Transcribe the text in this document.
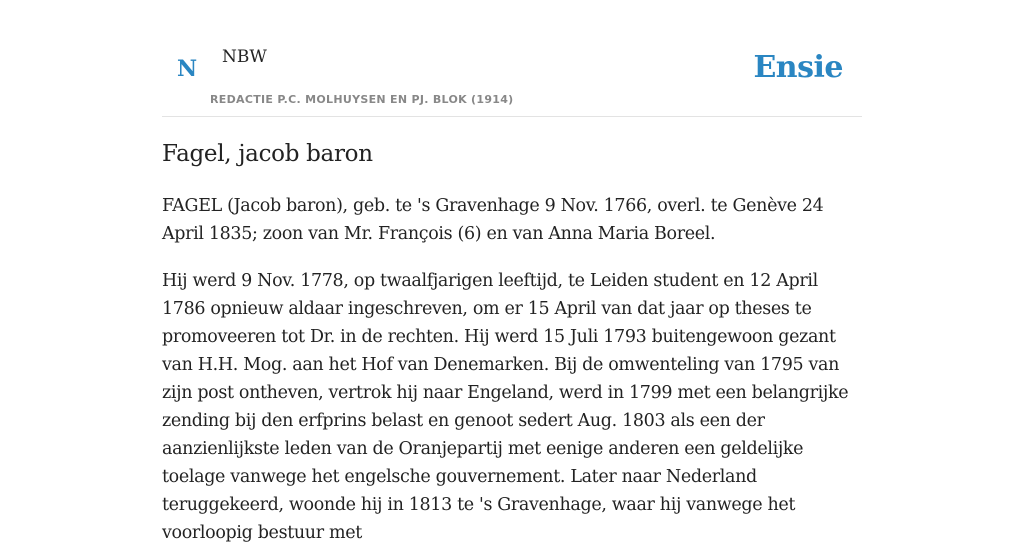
N NBW
REDACTIE P.C. MOLHUYSEN EN PJ. BLOK (1914)
Ensie
Fagel, jacob baron

FAGEL (Jacob baron), geb. te 's Gravenhage 9 Nov. 1766, overl. te Genève 24 April 1835; zoon van Mr. François (6) en van Anna Maria Boreel.

Hij werd 9 Nov. 1778, op twaalfjarigen leeftijd, te Leiden student en 12 April 1786 opnieuw aldaar ingeschreven, om er 15 April van dat jaar op theses te promoveeren tot Dr. in de rechten. Hij werd 15 Juli 1793 buitengewoon gezant van H.H. Mog. aan het Hof van Denemarken. Bij de omwenteling van 1795 van zijn post ontheven, vertrok hij naar Engeland, werd in 1799 met een belangrijke zending bij den erfprins belast en genoot sedert Aug. 1803 als een der aanzienlijkste leden van de Oranjepartij met eenige anderen een geldelijke toelage vanwege het engelsche gouvernement. Later naar Nederland teruggekeerd, woonde hij in 1813 te 's Gravenhage, waar hij vanwege het voorloopig bestuur met
